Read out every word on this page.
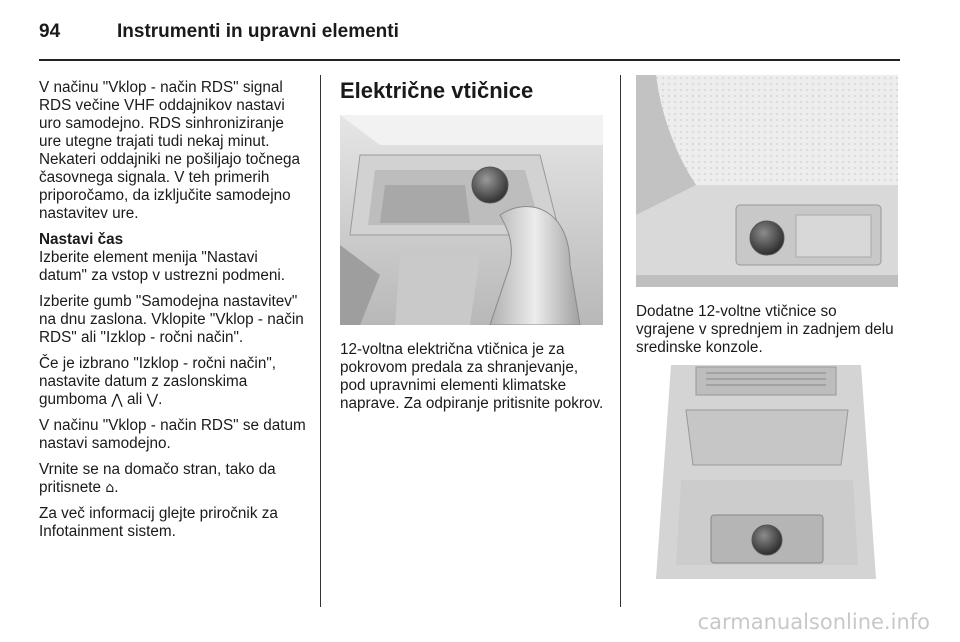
94	Instrumenti in upravni elementi

V načinu "Vklop - način RDS" signal RDS večine VHF oddajnikov nastavi uro samodejno. RDS sinhroniziranje ure utegne trajati tudi nekaj minut. Nekateri oddajniki ne pošiljajo točnega časovnega signala. V teh primerih priporočamo, da izključite samodejno nastavitev ure.

Nastavi čas

Izberite element menija "Nastavi datum" za vstop v ustrezni podmeni.

Izberite gumb "Samodejna nastavitev" na dnu zaslona. Vklopite "Vklop - način RDS" ali "Izklop - ročni način".

Če je izbrano "Izklop - ročni način", nastavite datum z zaslonskima gumboma ⋀ ali ⋁.

V načinu "Vklop - način RDS" se datum nastavi samodejno.

Vrnite se na domačo stran, tako da pritisnete ⌂.

Za več informacij glejte priročnik za Infotainment sistem.

Električne vtičnice

12-voltna električna vtičnica je za pokrovom predala za shranjevanje, pod upravnimi elementi klimatske naprave. Za odpiranje pritisnite pokrov.

Dodatne 12-voltne vtičnice so vgrajene v sprednjem in zadnjem delu sredinske konzole.

carmanualsonline.info
